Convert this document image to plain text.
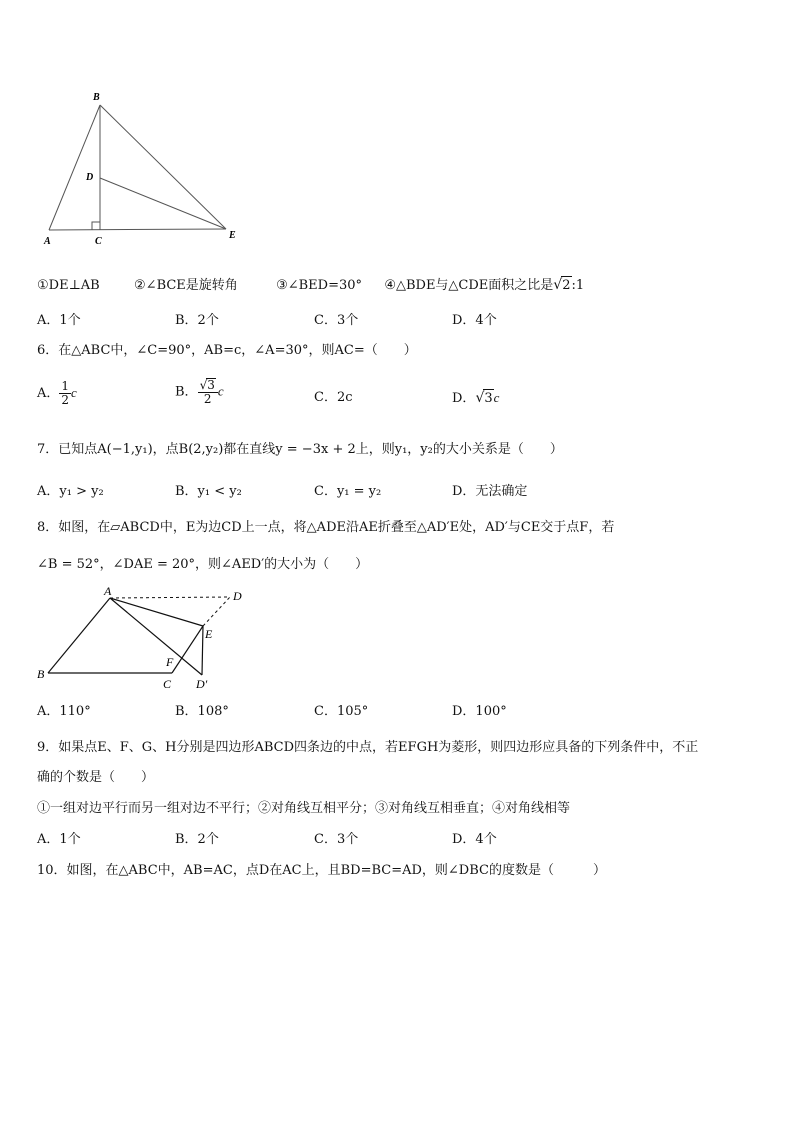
B
D
A	C
E
①DE⊥AB	②∠BCE是旋转角	③∠BED=30° ④△BDE与△CDE面积之比是√2:1
A．1个	B．2个	C．3个	D．4个
6．在△ABC中，∠C=90°，AB=c，∠A=30°，则AC=（　　）
A． $\frac{1}{2}$ c	B． $\frac{√3}{2}$ c	C．2c	D．√3c
7．已知点A(−1,y₁)，点B(2,y₂)都在直线y = −3x + 2上，则y₁，y₂的大小关系是（　　）
A．y₁ > y₂	B．y₁ < y₂	C．y₁ = y₂	D．无法确定
8．如图，在▱ABCD中，E为边CD上一点，将△ADE沿AE折叠至△AD′E处，AD′与CE交于点F，若
∠B = 52°，∠DAE = 20°，则∠AED′的大小为（　　）
A	D
E
F
B
C D′
A．110°	B．108°	C．105°	D．100°
9．如果点E、F、G、H分别是四边形ABCD四条边的中点，若EFGH为菱形，则四边形应具备的下列条件中，不正
确的个数是（　　）
①一组对边平行而另一组对边不平行；②对角线互相平分；③对角线互相垂直；④对角线相等
A．1个	B．2个	C．3个	D．4个
10．如图，在△ABC中，AB=AC，点D在AC上，且BD=BC=AD，则∠DBC的度数是（　　　）
